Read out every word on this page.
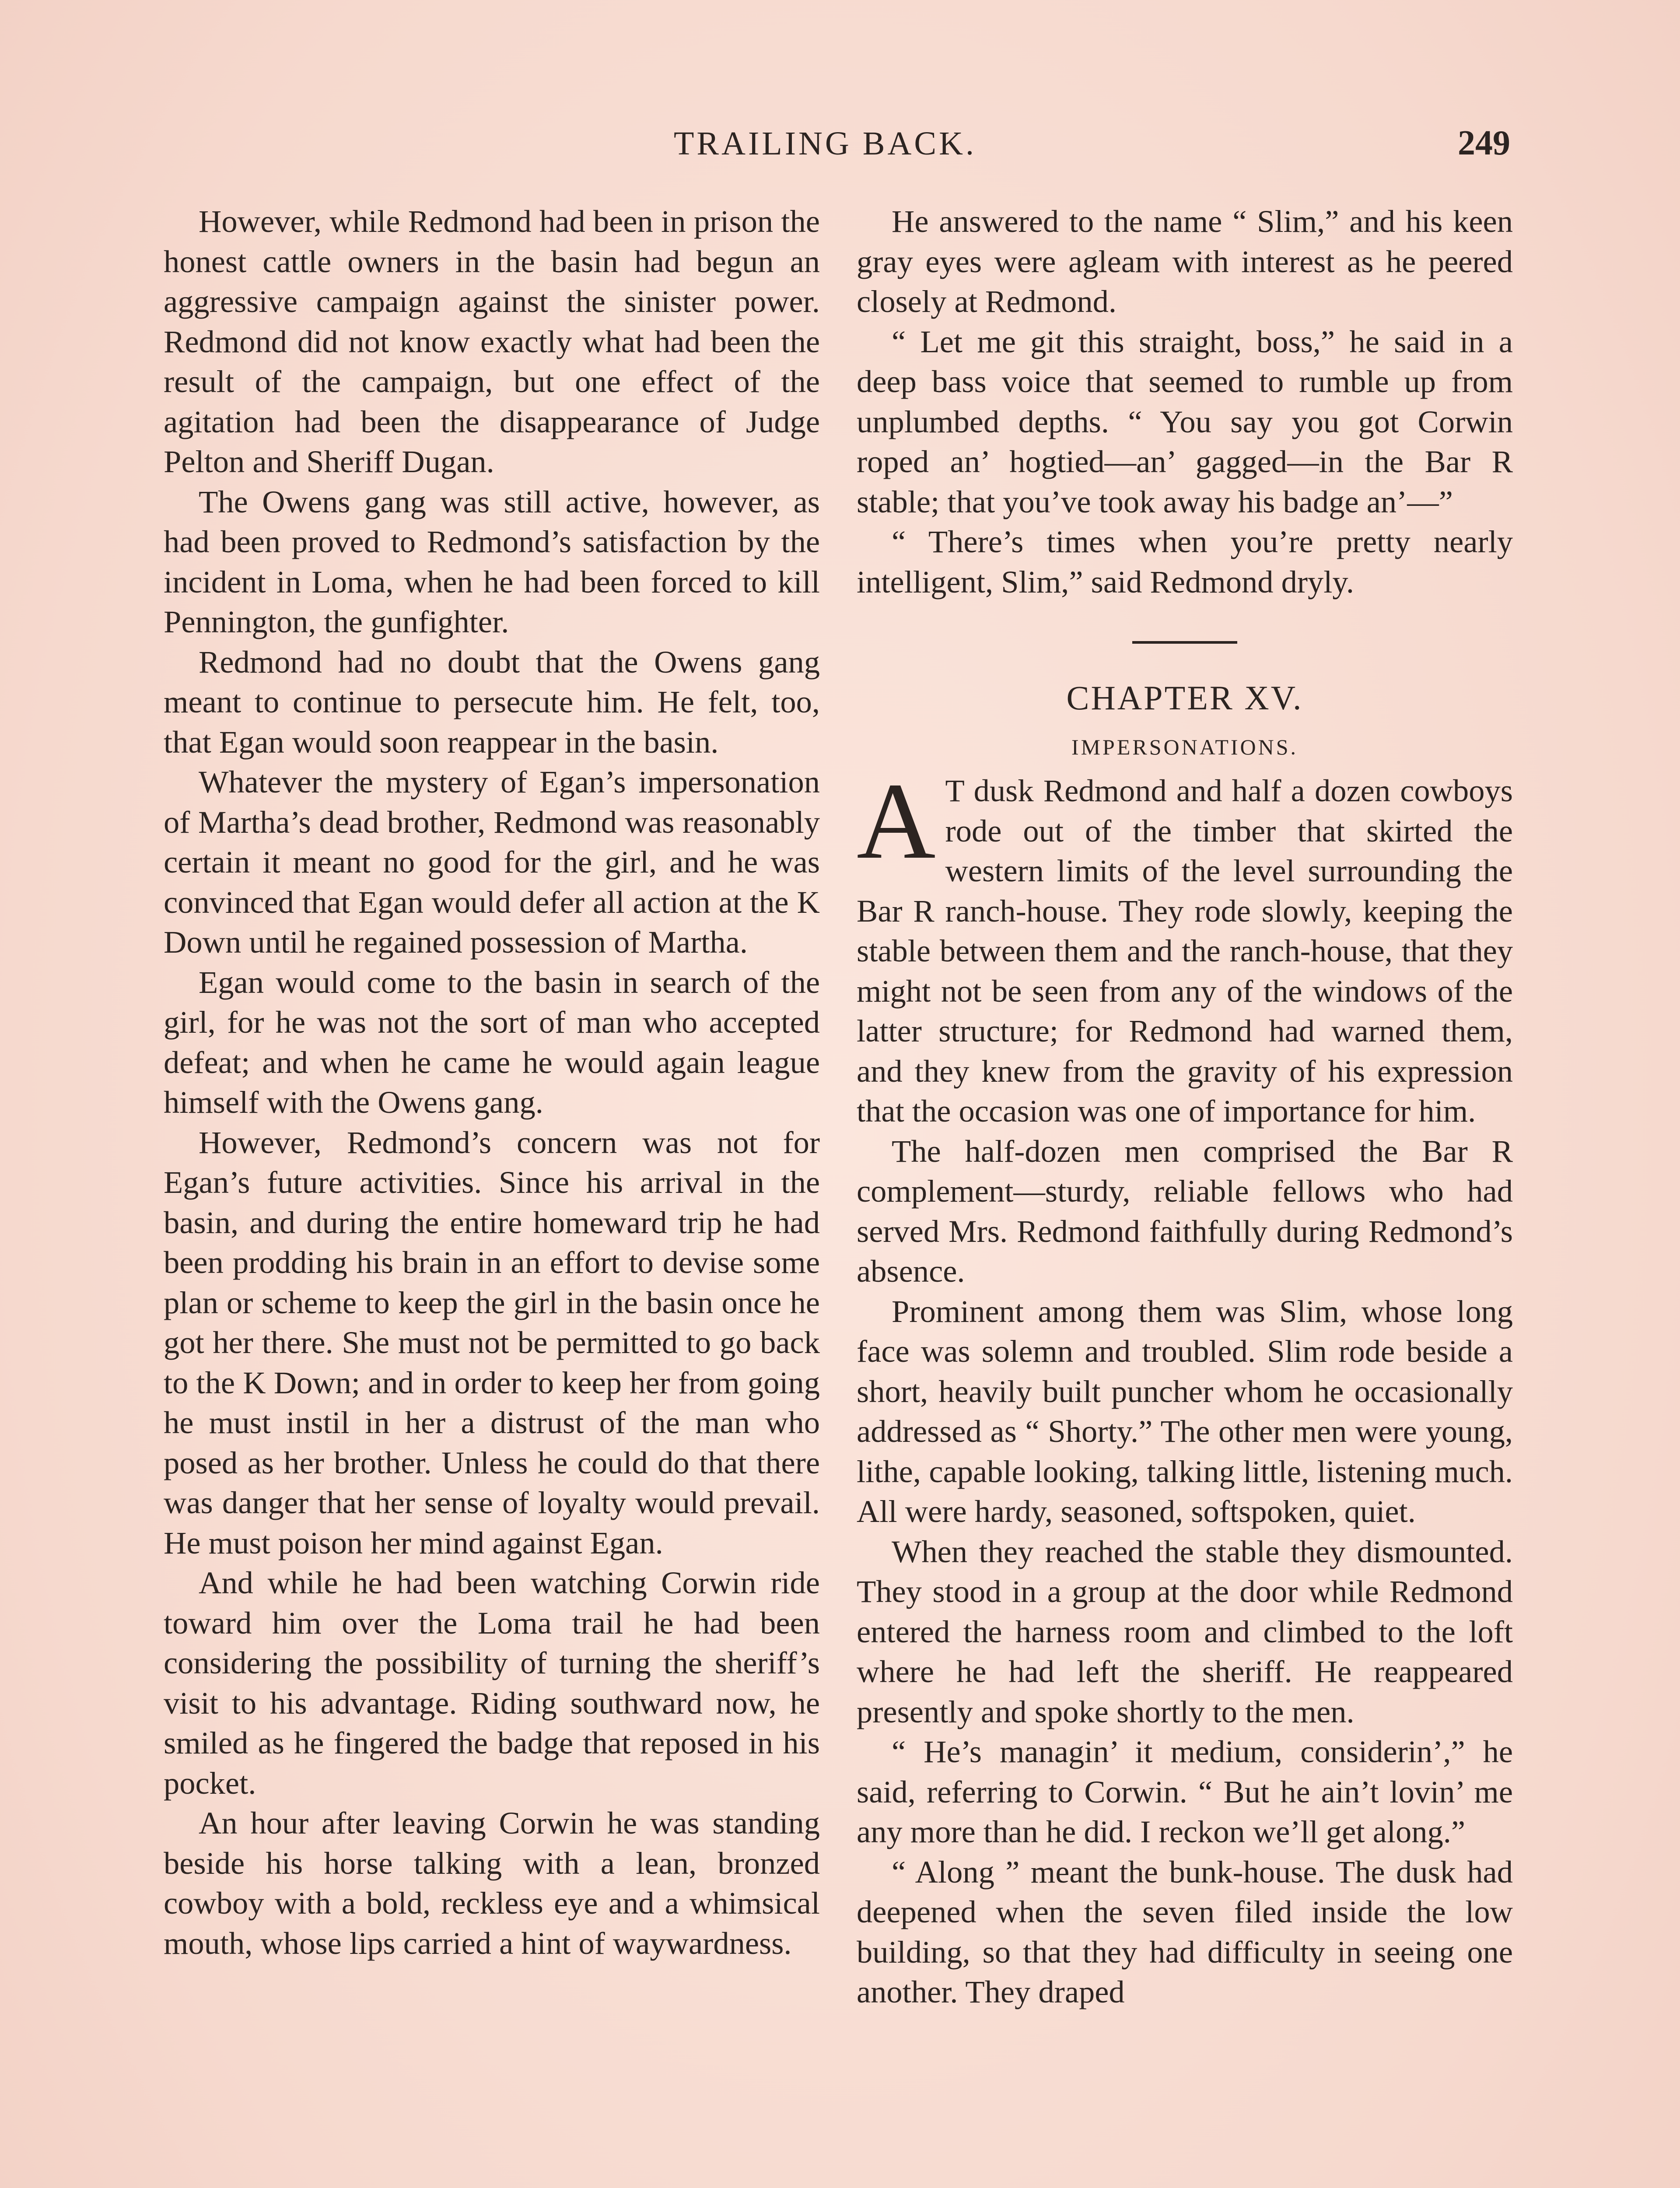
TRAILING BACK.	249

However, while Redmond had been in prison the honest cattle owners in the basin had begun an aggressive campaign against the sinister power. Redmond did not know exactly what had been the result of the campaign, but one effect of the agitation had been the disappearance of Judge Pelton and Sheriff Dugan.

The Owens gang was still active, however, as had been proved to Redmond’s satisfaction by the incident in Loma, when he had been forced to kill Pennington, the gunfighter.

Redmond had no doubt that the Owens gang meant to continue to persecute him. He felt, too, that Egan would soon reappear in the basin.

Whatever the mystery of Egan’s impersonation of Martha’s dead brother, Redmond was reasonably certain it meant no good for the girl, and he was convinced that Egan would defer all action at the K Down until he regained possession of Martha.

Egan would come to the basin in search of the girl, for he was not the sort of man who accepted defeat; and when he came he would again league himself with the Owens gang.

However, Redmond’s concern was not for Egan’s future activities. Since his arrival in the basin, and during the entire homeward trip he had been prodding his brain in an effort to devise some plan or scheme to keep the girl in the basin once he got her there. She must not be permitted to go back to the K Down; and in order to keep her from going he must instil in her a distrust of the man who posed as her brother. Unless he could do that there was danger that her sense of loyalty would prevail. He must poison her mind against Egan.

And while he had been watching Corwin ride toward him over the Loma trail he had been considering the possibility of turning the sheriff’s visit to his advantage. Riding southward now, he smiled as he fingered the badge that reposed in his pocket.

An hour after leaving Corwin he was standing beside his horse talking with a lean, bronzed cowboy with a bold, reckless eye and a whimsical mouth, whose lips carried a hint of waywardness.

He answered to the name “ Slim,” and his keen gray eyes were agleam with interest as he peered closely at Redmond.

“ Let me git this straight, boss,” he said in a deep bass voice that seemed to rumble up from unplumbed depths. “ You say you got Corwin roped an’ hogtied—an’ gagged—in the Bar R stable; that you’ve took away his badge an’—”

“ There’s times when you’re pretty nearly intelligent, Slim,” said Redmond dryly.

CHAPTER XV.
IMPERSONATIONS.

A T dusk Redmond and half a dozen cowboys rode out of the timber that skirted the western limits of the level surrounding the Bar R ranch-house. They rode slowly, keeping the stable between them and the ranch-house, that they might not be seen from any of the windows of the latter structure; for Redmond had warned them, and they knew from the gravity of his expression that the occasion was one of importance for him.

The half-dozen men comprised the Bar R complement—sturdy, reliable fellows who had served Mrs. Redmond faithfully during Redmond’s absence.

Prominent among them was Slim, whose long face was solemn and troubled. Slim rode beside a short, heavily built puncher whom he occasionally addressed as “ Shorty.” The other men were young, lithe, capable looking, talking little, listening much. All were hardy, seasoned, softspoken, quiet.

When they reached the stable they dismounted. They stood in a group at the door while Redmond entered the harness room and climbed to the loft where he had left the sheriff. He reappeared presently and spoke shortly to the men.

“ He’s managin’ it medium, considerin’,” he said, referring to Corwin. “ But he ain’t lovin’ me any more than he did. I reckon we’ll get along.”

“ Along ” meant the bunk-house. The dusk had deepened when the seven filed inside the low building, so that they had difficulty in seeing one another. They draped
